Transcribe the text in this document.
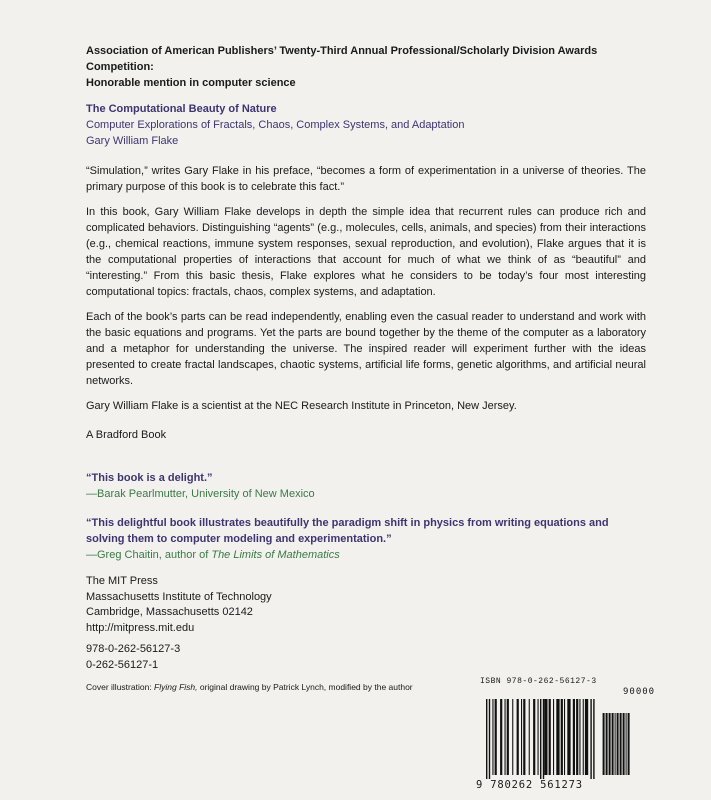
Association of American Publishers’ Twenty-Third Annual Professional/Scholarly Division Awards
Competition:
Honorable mention in computer science
The Computational Beauty of Nature
Computer Explorations of Fractals, Chaos, Complex Systems, and Adaptation
Gary William Flake
“Simulation,” writes Gary Flake in his preface, “becomes a form of experimentation in a universe of theories. The primary purpose of this book is to celebrate this fact.”
In this book, Gary William Flake develops in depth the simple idea that recurrent rules can produce rich and complicated behaviors. Distinguishing “agents” (e.g., molecules, cells, animals, and species) from their interactions (e.g., chemical reactions, immune system responses, sexual reproduction, and evolution), Flake argues that it is the computational properties of interactions that account for much of what we think of as “beautiful” and “interesting.” From this basic thesis, Flake explores what he considers to be today’s four most interesting computational topics: fractals, chaos, complex systems, and adaptation.
Each of the book’s parts can be read independently, enabling even the casual reader to understand and work with the basic equations and programs. Yet the parts are bound together by the theme of the computer as a laboratory and a metaphor for understanding the universe. The inspired reader will experiment further with the ideas presented to create fractal landscapes, chaotic systems, artificial life forms, genetic algorithms, and artificial neural networks.
Gary William Flake is a scientist at the NEC Research Institute in Princeton, New Jersey.
A Bradford Book
“This book is a delight.”
—Barak Pearlmutter, University of New Mexico
“This delightful book illustrates beautifully the paradigm shift in physics from writing equations and solving them to computer modeling and experimentation.”
—Greg Chaitin, author of The Limits of Mathematics
The MIT Press
Massachusetts Institute of Technology
Cambridge, Massachusetts 02142
http://mitpress.mit.edu
978-0-262-56127-3
0-262-56127-1
Cover illustration: Flying Fish, original drawing by Patrick Lynch, modified by the author
ISBN 978-0-262-56127-3
90000
9 780262 561273
